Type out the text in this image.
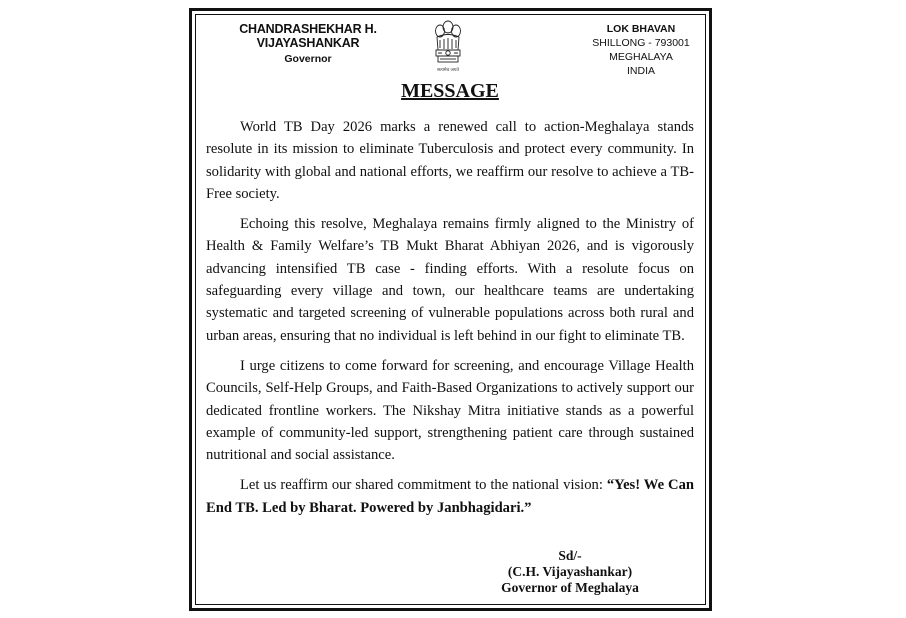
CHANDRASHEKHAR H. VIJAYASHANKAR
Governor
सत्यमेव जयते
LOK BHAVAN
SHILLONG - 793001
MEGHALAYA
INDIA
MESSAGE

World TB Day 2026 marks a renewed call to action-Meghalaya stands resolute in its mission to eliminate Tuberculosis and protect every community. In solidarity with global and national efforts, we reaffirm our resolve to achieve a TB-Free society.

Echoing this resolve, Meghalaya remains firmly aligned to the Ministry of Health & Family Welfare’s TB Mukt Bharat Abhiyan 2026, and is vigorously advancing intensified TB case - finding efforts. With a resolute focus on safeguarding every village and town, our healthcare teams are undertaking systematic and targeted screening of vulnerable populations across both rural and urban areas, ensuring that no individual is left behind in our fight to eliminate TB.

I urge citizens to come forward for screening, and encourage Village Health Councils, Self-Help Groups, and Faith-Based Organizations to actively support our dedicated frontline workers. The Nikshay Mitra initiative stands as a powerful example of community-led support, strengthening patient care through sustained nutritional and social assistance.

Let us reaffirm our shared commitment to the national vision: “Yes! We Can End TB. Led by Bharat. Powered by Janbhagidari.”

Sd/-
(C.H. Vijayashankar)
Governor of Meghalaya
